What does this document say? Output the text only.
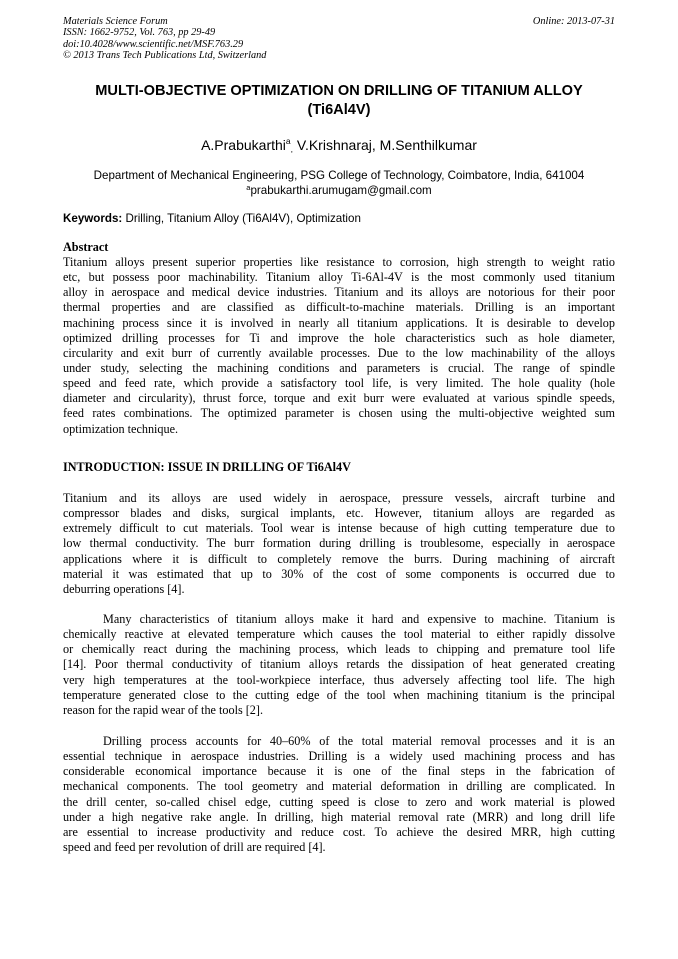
Materials Science Forum
ISSN: 1662-9752, Vol. 763, pp 29-49
doi:10.4028/www.scientific.net/MSF.763.29
© 2013 Trans Tech Publications Ltd, Switzerland
Online: 2013-07-31
MULTI-OBJECTIVE OPTIMIZATION ON DRILLING OF TITANIUM ALLOY
(Ti6Al4V)
A.Prabukarthi$^a_,$ V.Krishnaraj, M.Senthilkumar
Department of Mechanical Engineering, PSG College of Technology, Coimbatore, India, 641004
$^a$prabukarthi.arumugam@gmail.com
Keywords: Drilling, Titanium Alloy (Ti6Al4V), Optimization
Abstract
Titanium alloys present superior properties like resistance to corrosion, high strength to weight ratio
etc, but possess poor machinability. Titanium alloy Ti-6Al-4V is the most commonly used titanium
alloy in aerospace and medical device industries. Titanium and its alloys are notorious for their poor
thermal properties and are classified as difficult-to-machine materials. Drilling is an important
machining process since it is involved in nearly all titanium applications. It is desirable to develop
optimized drilling processes for Ti and improve the hole characteristics such as hole diameter,
circularity and exit burr of currently available processes. Due to the low machinability of the alloys
under study, selecting the machining conditions and parameters is crucial. The range of spindle
speed and feed rate, which provide a satisfactory tool life, is very limited. The hole quality (hole
diameter and circularity), thrust force, torque and exit burr were evaluated at various spindle speeds,
feed rates combinations. The optimized parameter is chosen using the multi-objective weighted sum
optimization technique.
INTRODUCTION: ISSUE IN DRILLING OF Ti6Al4V
Titanium and its alloys are used widely in aerospace, pressure vessels, aircraft turbine and
compressor blades and disks, surgical implants, etc. However, titanium alloys are regarded as
extremely difficult to cut materials. Tool wear is intense because of high cutting temperature due to
low thermal conductivity. The burr formation during drilling is troublesome, especially in aerospace
applications where it is difficult to completely remove the burrs. During machining of aircraft
material it was estimated that up to 30% of the cost of some components is occurred due to
deburring operations [4].
Many characteristics of titanium alloys make it hard and expensive to machine. Titanium is
chemically reactive at elevated temperature which causes the tool material to either rapidly dissolve
or chemically react during the machining process, which leads to chipping and premature tool life
[14]. Poor thermal conductivity of titanium alloys retards the dissipation of heat generated creating
very high temperatures at the tool-workpiece interface, thus adversely affecting tool life. The high
temperature generated close to the cutting edge of the tool when machining titanium is the principal
reason for the rapid wear of the tools [2].
Drilling process accounts for 40–60% of the total material removal processes and it is an
essential technique in aerospace industries. Drilling is a widely used machining process and has
considerable economical importance because it is one of the final steps in the fabrication of
mechanical components. The tool geometry and material deformation in drilling are complicated. In
the drill center, so-called chisel edge, cutting speed is close to zero and work material is plowed
under a high negative rake angle. In drilling, high material removal rate (MRR) and long drill life
are essential to increase productivity and reduce cost. To achieve the desired MRR, high cutting
speed and feed per revolution of drill are required [4].
